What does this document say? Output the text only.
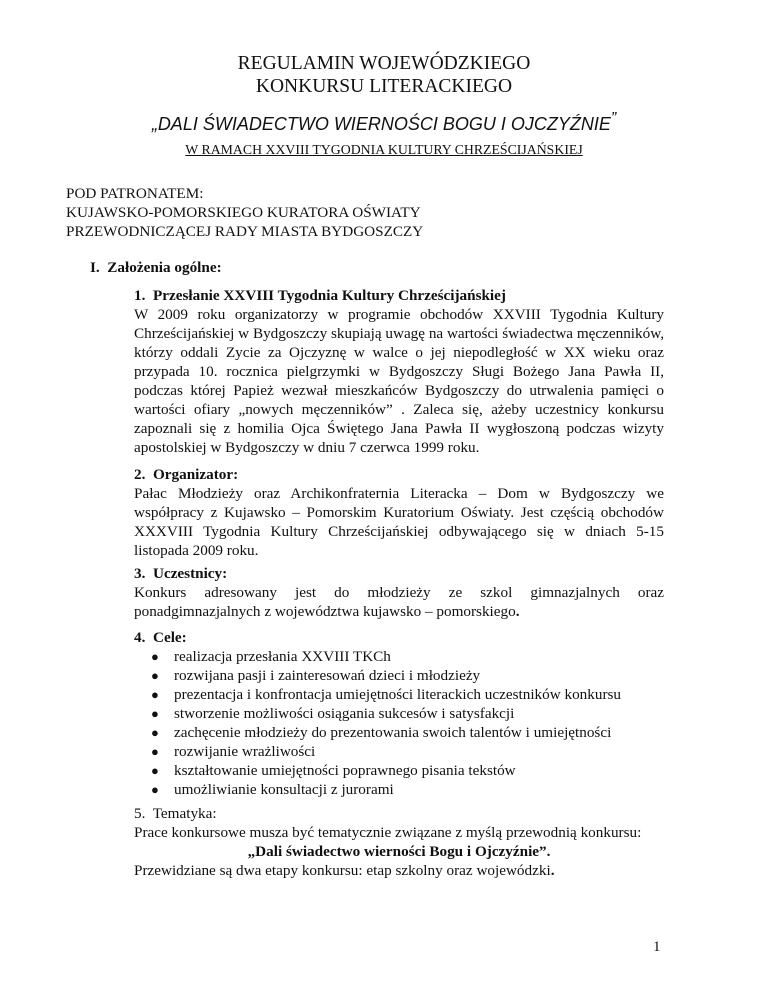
REGULAMIN WOJEWÓDZKIEGO
KONKURSU LITERACKIEGO
„DALI ŚWIADECTWO WIERNOŚCI BOGU I OJCZYŹNIE”
W RAMACH XXVIII TYGODNIA KULTURY CHRZEŚCIJAŃSKIEJ
POD PATRONATEM:
KUJAWSKO-POMORSKIEGO KURATORA OŚWIATY
PRZEWODNICZĄCEJ RADY MIASTA BYDGOSZCZY
I.  Założenia ogólne:
1.  Przesłanie XXVIII Tygodnia Kultury Chrześcijańskiej
W 2009 roku organizatorzy w programie obchodów XXVIII Tygodnia Kultury Chrześcijańskiej w Bydgoszczy skupiają uwagę na wartości świadectwa męczenników, którzy oddali Zycie za Ojczyznę w walce o jej niepodległość w XX wieku oraz przypada 10. rocznica pielgrzymki w Bydgoszczy Sługi Bożego Jana Pawła II, podczas której Papież wezwał mieszkańców Bydgoszczy do utrwalenia pamięci o wartości ofiary „nowych męczenników” . Zaleca się, ażeby uczestnicy konkursu zapoznali się z homilia Ojca Świętego Jana Pawła II wygłoszoną podczas wizyty apostolskiej w Bydgoszczy w dniu 7 czerwca 1999 roku.
2.  Organizator:
Pałac Młodzieży oraz Archikonfraternia Literacka – Dom w Bydgoszczy we współpracy z Kujawsko – Pomorskim Kuratorium Oświaty. Jest częścią obchodów XXXVIII Tygodnia Kultury Chrześcijańskiej odbywającego się w dniach 5-15 listopada 2009 roku.
3.  Uczestnicy:
Konkurs adresowany jest do młodzieży ze szkol gimnazjalnych oraz
ponadgimnazjalnych z województwa kujawsko – pomorskiego.
4.  Cele:
● realizacja przesłania XXVIII TKCh
● rozwijana pasji i zainteresowań dzieci i młodzieży
● prezentacja i konfrontacja umiejętności literackich uczestników konkursu
● stworzenie możliwości osiągania sukcesów i satysfakcji
● zachęcenie młodzieży do prezentowania swoich talentów i umiejętności
● rozwijanie wrażliwości
● kształtowanie umiejętności poprawnego pisania tekstów
● umożliwianie konsultacji z jurorami
5.  Tematyka:
Prace konkursowe musza być tematycznie związane z myślą przewodnią konkursu:
„Dali świadectwo wierności Bogu i Ojczyźnie”.
Przewidziane są dwa etapy konkursu: etap szkolny oraz wojewódzki.
1
